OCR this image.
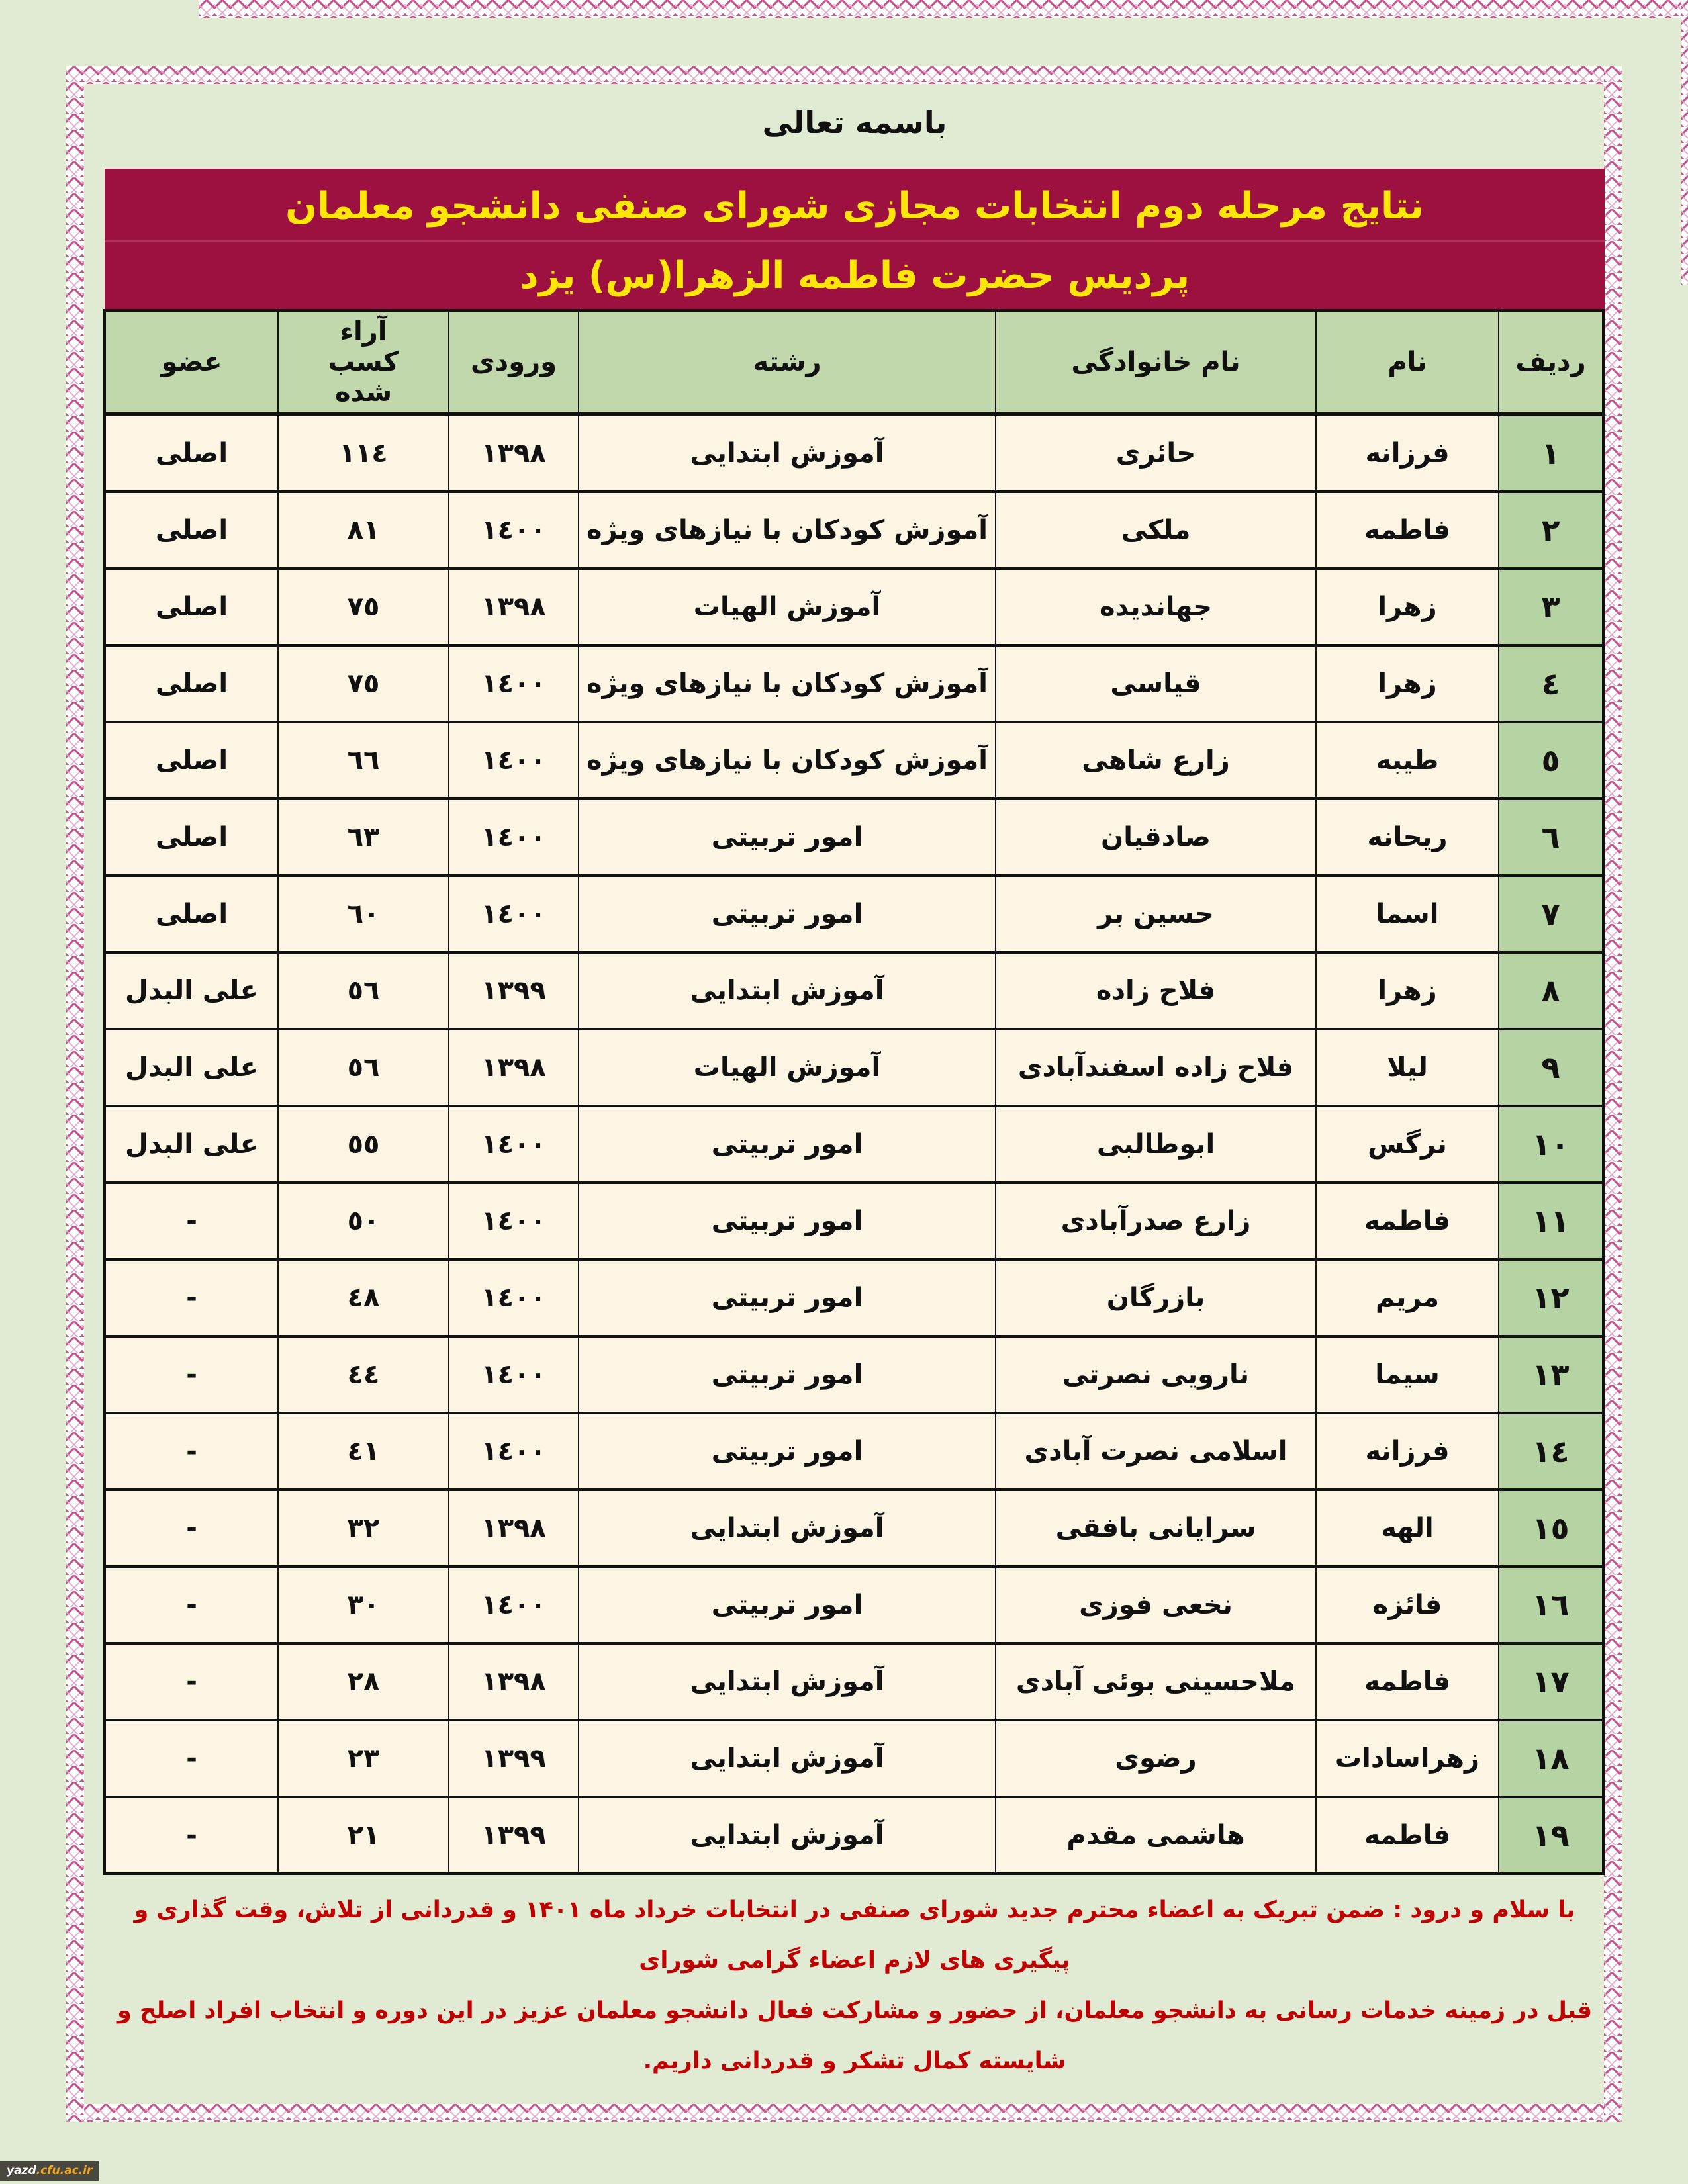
باسمه تعالی
نتایج مرحله دوم انتخابات مجازی شورای صنفی دانشجو معلمان
پردیس حضرت فاطمه الزهرا(س) یزد
ردیف	نام	نام خانوادگی	رشته	ورودی	آراء کسب شده	عضو
١	فرزانه	حائری	آموزش ابتدایی	١٣٩٨	١١٤	اصلی
٢	فاطمه	ملکی	آموزش کودکان با نیازهای ویژه	١٤٠٠	٨١	اصلی
٣	زهرا	جهاندیده	آموزش الهیات	١٣٩٨	٧٥	اصلی
٤	زهرا	قیاسی	آموزش کودکان با نیازهای ویژه	١٤٠٠	٧٥	اصلی
٥	طیبه	زارع شاهی	آموزش کودکان با نیازهای ویژه	١٤٠٠	٦٦	اصلی
٦	ریحانه	صادقیان	امور تربیتی	١٤٠٠	٦٣	اصلی
٧	اسما	حسین بر	امور تربیتی	١٤٠٠	٦٠	اصلی
٨	زهرا	فلاح زاده	آموزش ابتدایی	١٣٩٩	٥٦	علی البدل
٩	لیلا	فلاح زاده اسفندآبادی	آموزش الهیات	١٣٩٨	٥٦	علی البدل
١٠	نرگس	ابوطالبی	امور تربیتی	١٤٠٠	٥٥	علی البدل
١١	فاطمه	زارع صدرآبادی	امور تربیتی	١٤٠٠	٥٠	-
١٢	مریم	بازرگان	امور تربیتی	١٤٠٠	٤٨	-
١٣	سیما	نارویی نصرتی	امور تربیتی	١٤٠٠	٤٤	-
١٤	فرزانه	اسلامی نصرت آبادی	امور تربیتی	١٤٠٠	٤١	-
١٥	الهه	سرایانی بافقی	آموزش ابتدایی	١٣٩٨	٣٢	-
١٦	فائزه	نخعی فوزی	امور تربیتی	١٤٠٠	٣٠	-
١٧	فاطمه	ملاحسینی بوئی آبادی	آموزش ابتدایی	١٣٩٨	٢٨	-
١٨	زهراسادات	رضوی	آموزش ابتدایی	١٣٩٩	٢٣	-
١٩	فاطمه	هاشمی مقدم	آموزش ابتدایی	١٣٩٩	٢١	-
با سلام و درود : ضمن تبریک به اعضاء محترم جدید شورای صنفی در انتخابات خرداد ماه ۱۴۰۱ و قدردانی از تلاش، وقت گذاری و پیگیری های لازم اعضاء گرامی شورای
قبل در زمینه خدمات رسانی به دانشجو معلمان، از حضور و مشارکت فعال دانشجو معلمان عزیز در این دوره و انتخاب افراد اصلح و شایسته کمال تشکر و قدردانی داریم.
yazd.cfu.ac.ir
